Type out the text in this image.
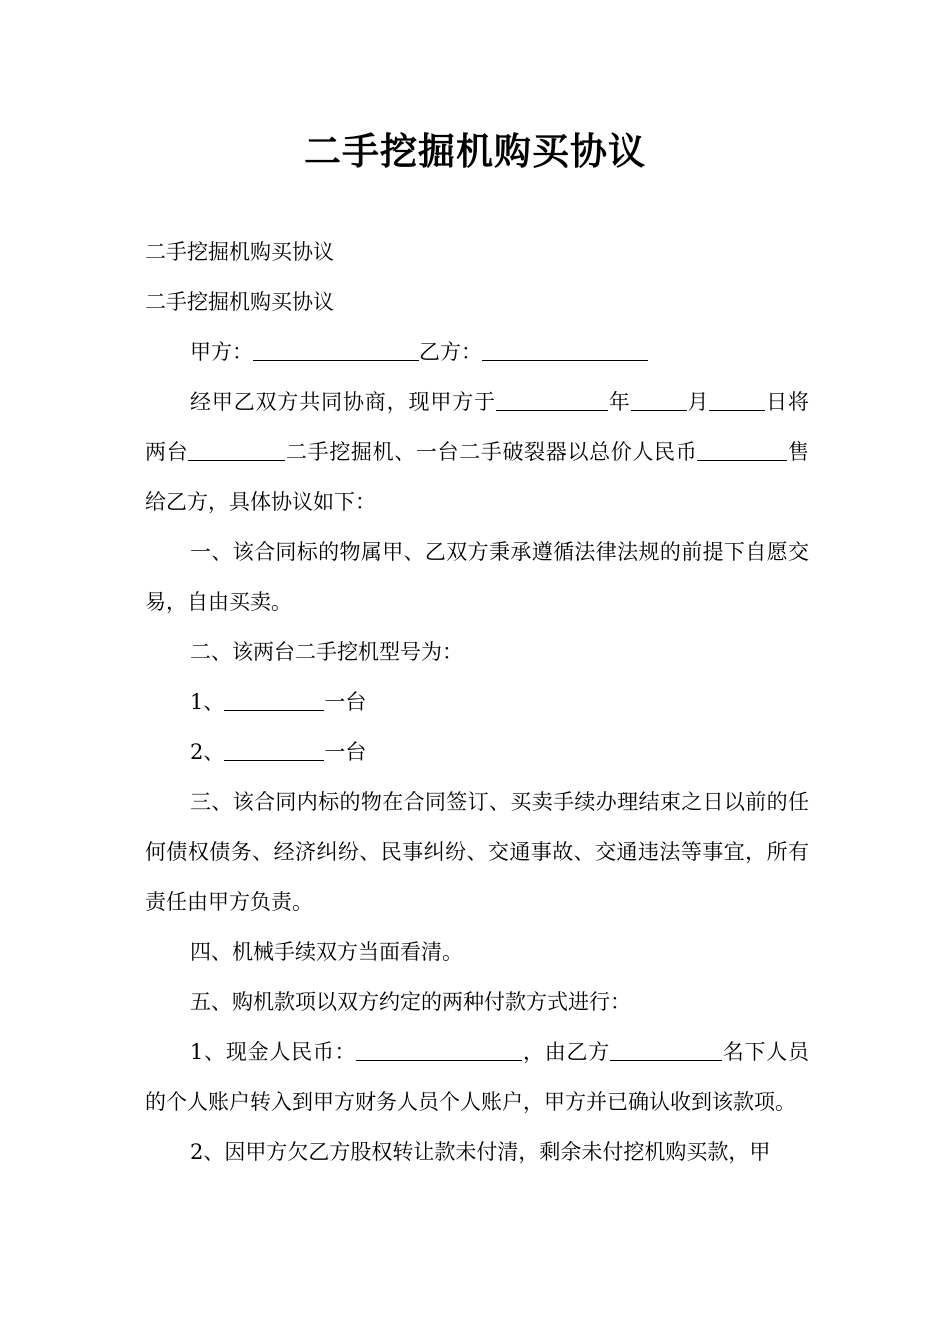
二手挖掘机购买协议

二手挖掘机购买协议

二手挖掘机购买协议

甲方：	乙方：

经甲乙双方共同协商，现甲方于	年	月	日将两台	二手挖掘机、一台二手破裂器以总价人民币	售给乙方，具体协议如下：

一、该合同标的物属甲、乙双方秉承遵循法律法规的前提下自愿交易，自由买卖。

二、该两台二手挖机型号为：

1、	一台

2、	一台

三、该合同内标的物在合同签订、买卖手续办理结束之日以前的任何债权债务、经济纠纷、民事纠纷、交通事故、交通违法等事宜，所有责任由甲方负责。

四、机械手续双方当面看清。

五、购机款项以双方约定的两种付款方式进行：

1、现金人民币：	，由乙方	名下人员的个人账户转入到甲方财务人员个人账户，甲方并已确认收到该款项。

2、因甲方欠乙方股权转让款未付清，剩余未付挖机购买款，甲
